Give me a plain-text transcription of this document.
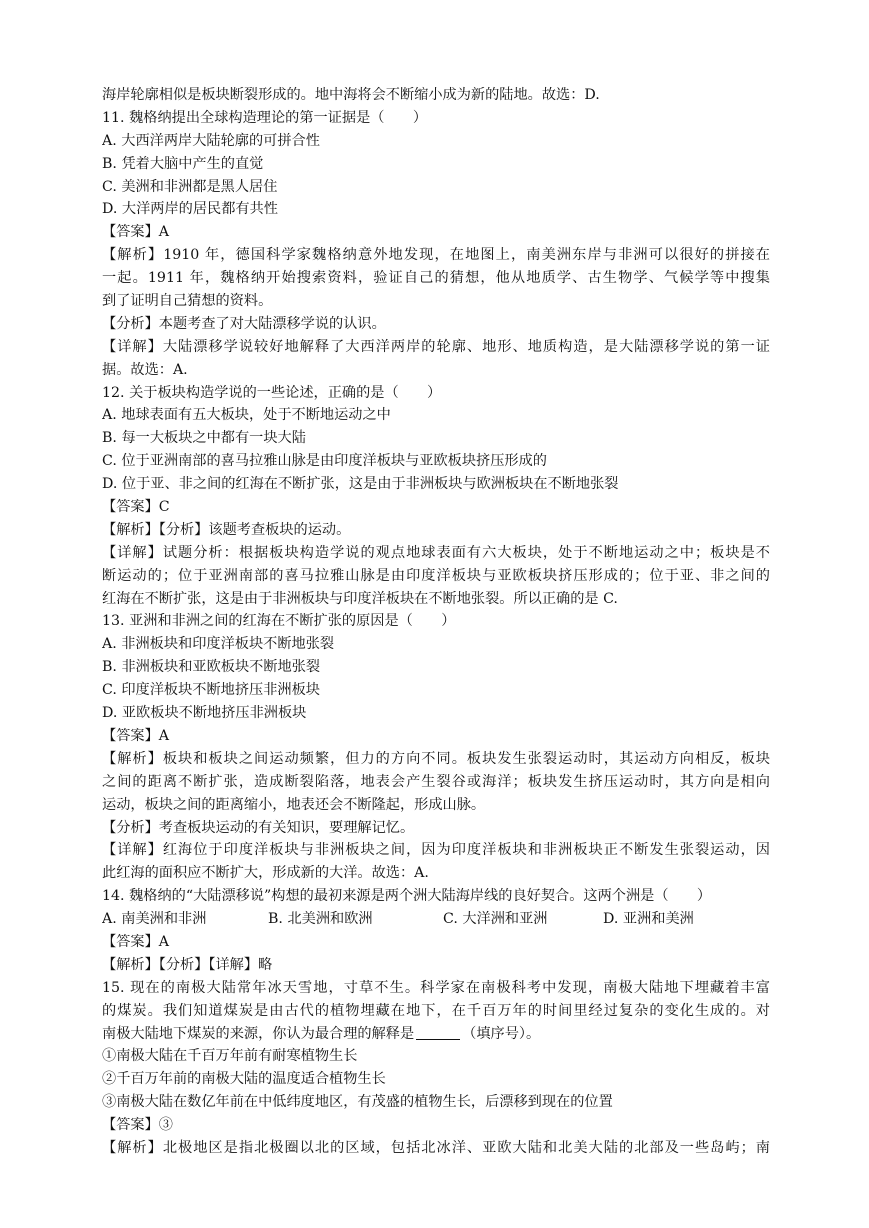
海岸轮廓相似是板块断裂形成的。地中海将会不断缩小成为新的陆地。故选：D.
11. 魏格纳提出全球构造理论的第一证据是（　　）
A. 大西洋两岸大陆轮廓的可拼合性
B. 凭着大脑中产生的直觉
C. 美洲和非洲都是黑人居住
D. 大洋两岸的居民都有共性
【答案】A
【解析】1910 年，德国科学家魏格纳意外地发现，在地图上，南美洲东岸与非洲可以很好的拼接在
一起。1911 年，魏格纳开始搜索资料，验证自己的猜想，他从地质学、古生物学、气候学等中搜集
到了证明自己猜想的资料。
【分析】本题考查了对大陆漂移学说的认识。
【详解】大陆漂移学说较好地解释了大西洋两岸的轮廓、地形、地质构造，是大陆漂移学说的第一证
据。故选：A.
12. 关于板块构造学说的一些论述，正确的是（　　）
A. 地球表面有五大板块，处于不断地运动之中
B. 每一大板块之中都有一块大陆
C. 位于亚洲南部的喜马拉雅山脉是由印度洋板块与亚欧板块挤压形成的
D. 位于亚、非之间的红海在不断扩张，这是由于非洲板块与欧洲板块在不断地张裂
【答案】C
【解析】【分析】该题考查板块的运动。
【详解】试题分析：根据板块构造学说的观点地球表面有六大板块，处于不断地运动之中；板块是不
断运动的；位于亚洲南部的喜马拉雅山脉是由印度洋板块与亚欧板块挤压形成的；位于亚、非之间的
红海在不断扩张，这是由于非洲板块与印度洋板块在不断地张裂。所以正确的是 C.
13. 亚洲和非洲之间的红海在不断扩张的原因是（　　）
A. 非洲板块和印度洋板块不断地张裂
B. 非洲板块和亚欧板块不断地张裂
C. 印度洋板块不断地挤压非洲板块
D. 亚欧板块不断地挤压非洲板块
【答案】A
【解析】板块和板块之间运动频繁，但力的方向不同。板块发生张裂运动时，其运动方向相反，板块
之间的距离不断扩张，造成断裂陷落，地表会产生裂谷或海洋；板块发生挤压运动时，其方向是相向
运动，板块之间的距离缩小，地表还会不断隆起，形成山脉。
【分析】考查板块运动的有关知识，要理解记忆。
【详解】红海位于印度洋板块与非洲板块之间，因为印度洋板块和非洲板块正不断发生张裂运动，因
此红海的面积应不断扩大，形成新的大洋。故选：A.
14. 魏格纳的“大陆漂移说”构想的最初来源是两个洲大陆海岸线的良好契合。这两个洲是（　　）
A. 南美洲和非洲	B. 北美洲和欧洲	C. 大洋洲和亚洲	D. 亚洲和美洲
【答案】A
【解析】【分析】【详解】略
15. 现在的南极大陆常年冰天雪地，寸草不生。科学家在南极科考中发现，南极大陆地下埋藏着丰富
的煤炭。我们知道煤炭是由古代的植物埋藏在地下，在千百万年的时间里经过复杂的变化生成的。对
南极大陆地下煤炭的来源，你认为最合理的解释是	（填序号）。
①南极大陆在千百万年前有耐寒植物生长
②千百万年前的南极大陆的温度适合植物生长
③南极大陆在数亿年前在中低纬度地区，有茂盛的植物生长，后漂移到现在的位置
【答案】③
【解析】北极地区是指北极圈以北的区域，包括北冰洋、亚欧大陆和北美大陆的北部及一些岛屿；南
